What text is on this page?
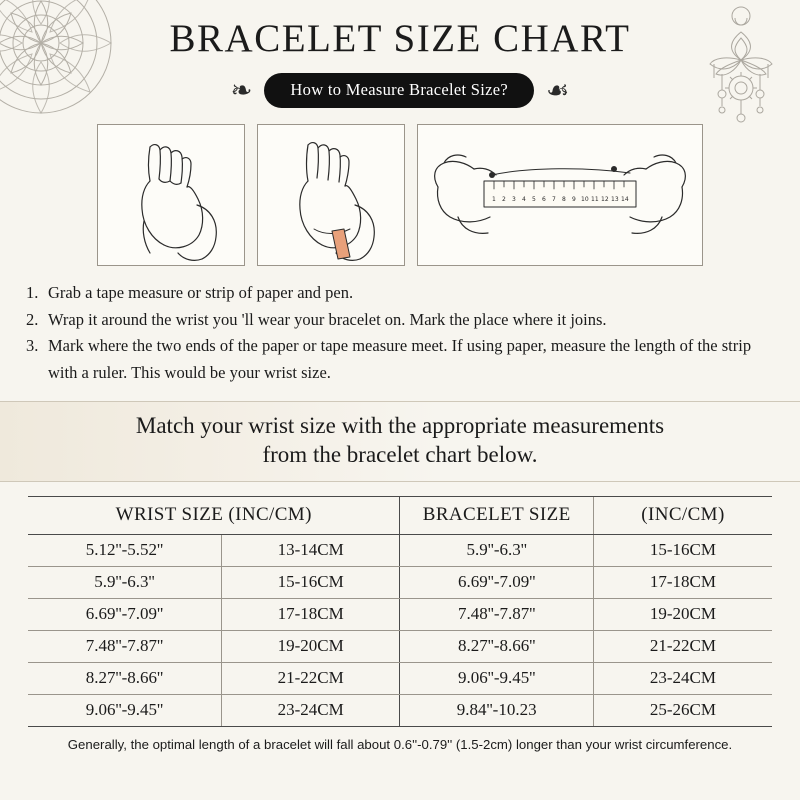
BRACELET SIZE CHART
❧	How to Measure Bracelet Size?	☙
1 2 3 4 5 6 7 8 9 10 11 12 13 14
1. Grab a tape measure or strip of paper and pen.
2. Wrap it around the wrist you 'll wear your bracelet on. Mark the place where it joins.
3. Mark where the two ends of the paper or tape measure meet. If using paper, measure the length of the strip with a ruler. This would be your wrist size.
Match your wrist size with the appropriate measurements
from the bracelet chart below.
WRIST SIZE (INC/CM)		BRACELET SIZE	(INC/CM)
5.12''-5.52''	13-14CM	5.9''-6.3''	15-16CM
5.9''-6.3''	15-16CM	6.69''-7.09''	17-18CM
6.69''-7.09''	17-18CM	7.48''-7.87''	19-20CM
7.48''-7.87''	19-20CM	8.27''-8.66''	21-22CM
8.27''-8.66''	21-22CM	9.06''-9.45''	23-24CM
9.06''-9.45''	23-24CM	9.84''-10.23	25-26CM
Generally, the optimal length of a bracelet will fall about 0.6''-0.79'' (1.5-2cm) longer than your wrist circumference.
